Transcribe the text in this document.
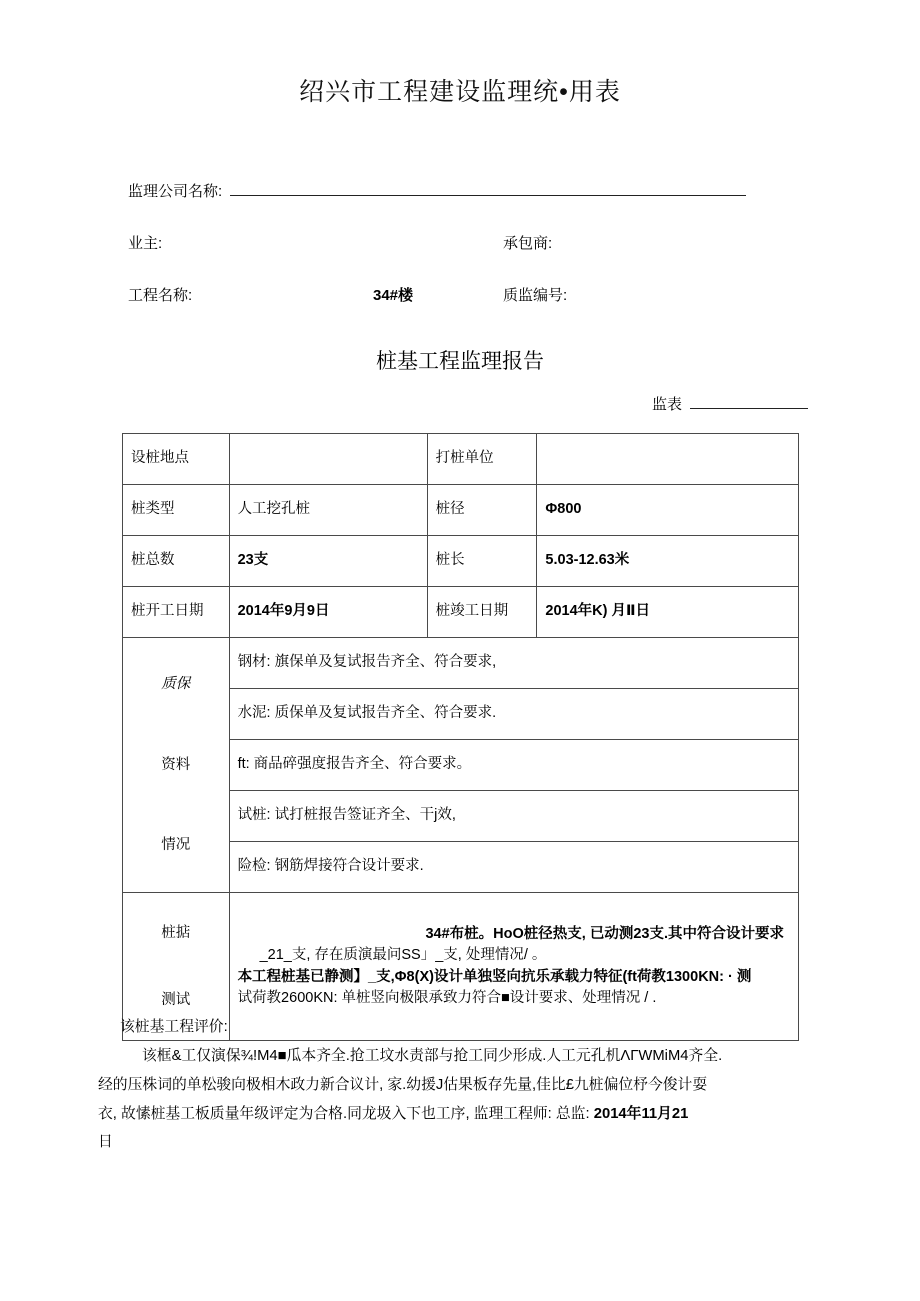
绍兴市工程建设监理统•用表
监理公司名称:
业主:	承包商:
工程名称:	34#楼	质监编号:
桩基工程监理报告
监表
设桩地点		打桩单位	
桩类型	人工挖孔桩	桩径	Φ800
桩总数	23支	桩长	5.03-12.63米
桩开工日期	2014年9月9日	桩竣工日期	2014年K) 月Ⅱ日

质保
资料
情况	钢材: 旗保单及复试报告齐全、符合要求,		
	水泥: 质保单及复试报告齐全、符合要求.		
	ft: 商品碎强度报告齐全、符合要求。		
	试桩: 试打桩报告签证齐全、干j效,		
	险检: 钢筋焊接符合设计要求.		

桩掂
测试

34#布桩。HoO桩径热支, 已动测23支.其中符合设计要求
_21_支, 存在质演最问SS」_支, 处理情况/ 。
本工程桩基已静测】_支,Φ8(X)设计单独竖向抗乐承载力特征(ft荷教1300KN: · 测
试荷教2600KN: 单桩竖向极限承致力符合■设计要求、处理情况 / .
该桩基工程评价:
该框&工仅演保¾!M4■瓜本齐全.抢工坟水责部与抢工同少形成.人工元孔机ΛΓWMiM4齐全.
经的压株词的单松骏向极相木政力新合议计, 家.幼援J估果板存先量,佳比£九桩偏位杼今俊计耍
衣, 故愫桩基工板质量年级评定为合格.同龙圾入下也工序, 监理工程师: 总监: 2014年11月21
日
